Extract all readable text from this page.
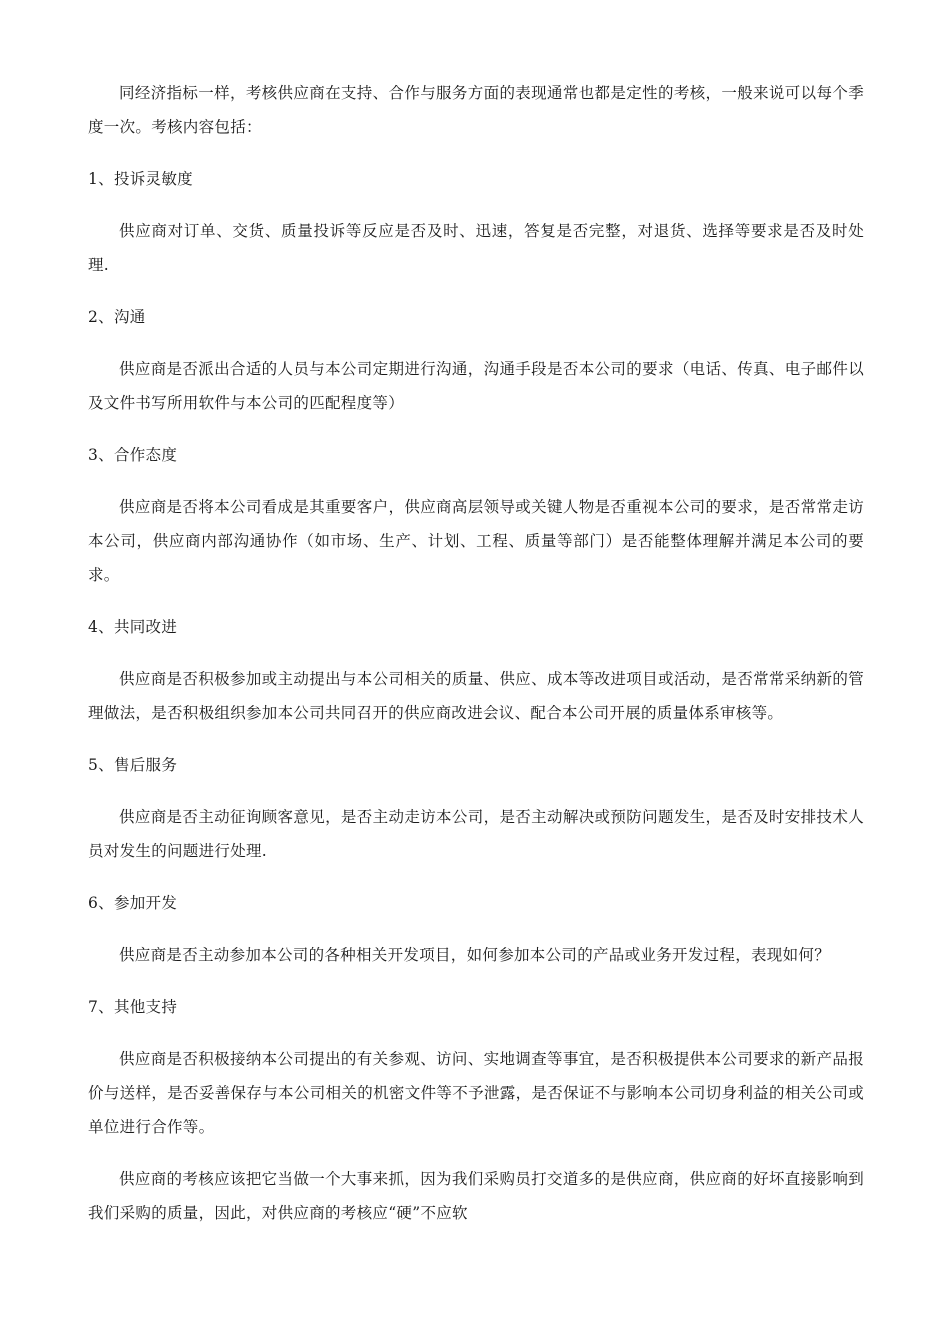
同经济指标一样，考核供应商在支持、合作与服务方面的表现通常也都是定性的考核，一般来说可以每个季度一次。考核内容包括：

1、投诉灵敏度

供应商对订单、交货、质量投诉等反应是否及时、迅速，答复是否完整，对退货、选择等要求是否及时处理.

2、沟通

供应商是否派出合适的人员与本公司定期进行沟通，沟通手段是否本公司的要求（电话、传真、电子邮件以及文件书写所用软件与本公司的匹配程度等）

3、合作态度

供应商是否将本公司看成是其重要客户，供应商高层领导或关键人物是否重视本公司的要求，是否常常走访本公司，供应商内部沟通协作（如市场、生产、计划、工程、质量等部门）是否能整体理解并满足本公司的要求。

4、共同改进

供应商是否积极参加或主动提出与本公司相关的质量、供应、成本等改进项目或活动，是否常常采纳新的管理做法，是否积极组织参加本公司共同召开的供应商改进会议、配合本公司开展的质量体系审核等。

5、售后服务

供应商是否主动征询顾客意见，是否主动走访本公司，是否主动解决或预防问题发生，是否及时安排技术人员对发生的问题进行处理.

6、参加开发

供应商是否主动参加本公司的各种相关开发项目，如何参加本公司的产品或业务开发过程，表现如何？

7、其他支持

供应商是否积极接纳本公司提出的有关参观、访问、实地调查等事宜，是否积极提供本公司要求的新产品报价与送样，是否妥善保存与本公司相关的机密文件等不予泄露，是否保证不与影响本公司切身利益的相关公司或单位进行合作等。

供应商的考核应该把它当做一个大事来抓，因为我们采购员打交道多的是供应商，供应商的好坏直接影响到我们采购的质量，因此，对供应商的考核应“硬”不应软
